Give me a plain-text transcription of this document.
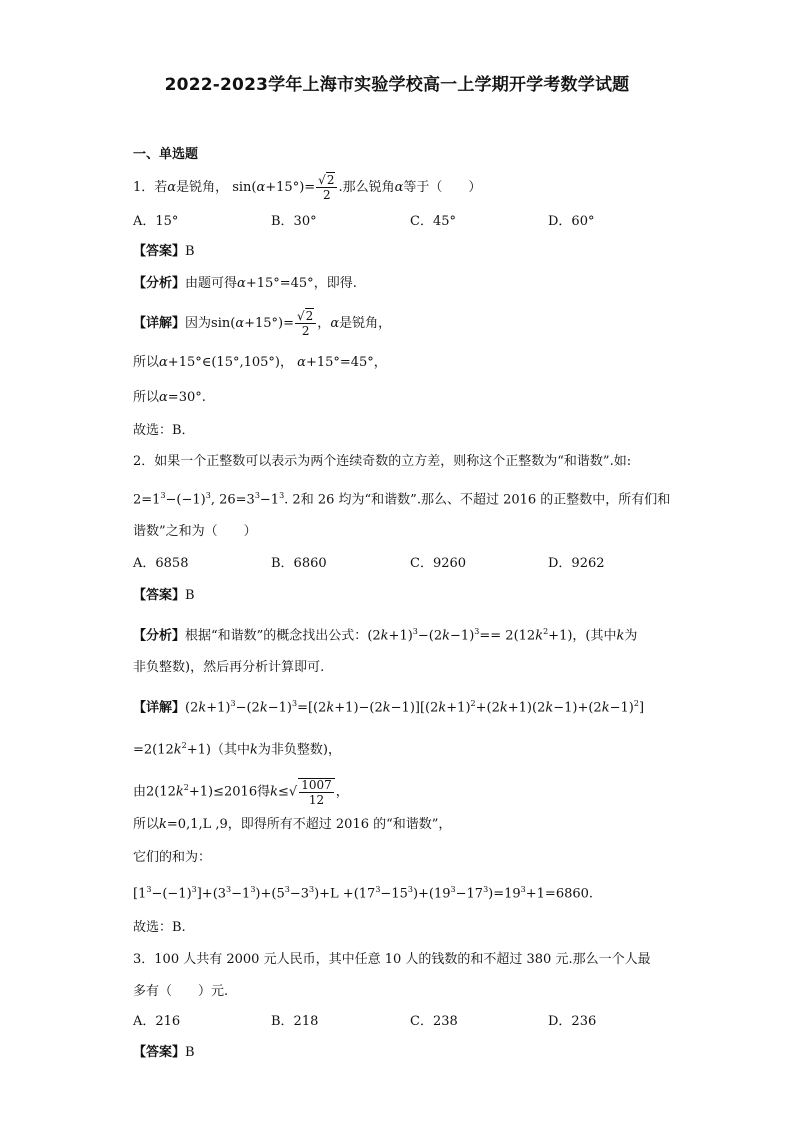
2022-2023学年上海市实验学校高一上学期开学考数学试题
一、单选题
1．若α是锐角， $\sin(\alpha+15^\circ)= \frac{√2}{2}$ .那么锐角α等于（　　）
A．15°	B．30°	C．45°	D．60°
【答案】B
【分析】由题可得α+15°=45°，即得.
【详解】因为$\sin(\alpha+15^\circ)= \frac{√2}{2}$ ，α是锐角，
所以α+15°∈(15°,105°)， α+15°=45°，
所以α=30°.
故选：B．
2．如果一个正整数可以表示为两个连续奇数的立方差，则称这个正整数为“和谐数”.如:
$2=1^3-(-1)^3$, $26=3^3-1^3$. 2和 26 均为“和谐数”.那么、不超过 2016 的正整数中，所有们和
谐数”之和为（　　）
A．6858	B．6860	C．9260	D．9262
【答案】B
【分析】根据“和谐数”的概念找出公式：$(2k+1)^3-(2k-1)^3== 2(12k^2+1)$，(其中k为
非负整数)，然后再分析计算即可.
【详解】$(2k+1)^3-(2k-1)^3=[(2k+1)-(2k-1)][(2k+1)^2+(2k+1)(2k-1)+(2k-1)^2]$
$=2(12k^2+1)$（其中k为非负整数)，
由$2(12k^2+1)\le 2016$得$k\le√ \frac{1007}{12}$ ，
所以k=0,1,L ,9，即得所有不超过 2016 的“和谐数”，
它们的和为：
$[1^3-(-1)^3]+(3^3-1^3)+(5^3-3^3)+L +(17^3-15^3)+(19^3-17^3)=19^3+1=6860$.
故选：B.
3．100 人共有 2000 元人民币，其中任意 10 人的钱数的和不超过 380 元.那么一个人最
多有（　　）元.
A．216	B．218	C．238	D．236
【答案】B
